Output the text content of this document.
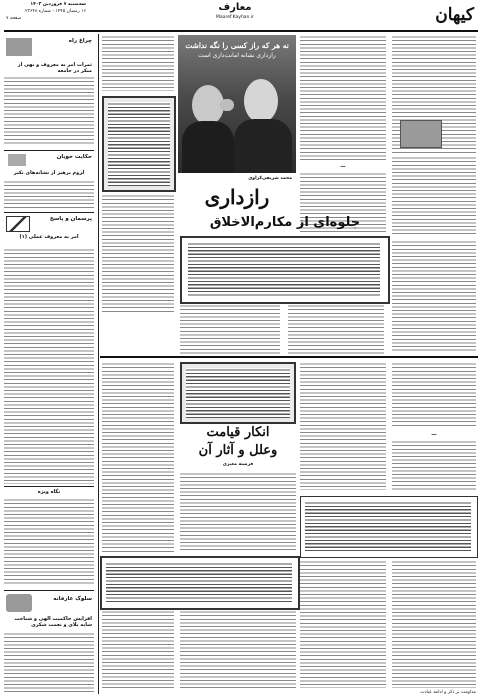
کیهان
معارف
Maaref.Kayhan.ir
سه‌شنبه ۷ فروردین ۱۴۰۳
۱۶ رمضان ۱۴۴۵ - شماره ۲۳۶۴۸
صفحه ۷
—
نه هر که راز کسی را نگه نداشت
رازداری نشانه امانت‌داری است
محمد شریفی‌کراوی
رازداری
جلوه‌ای از مکارم‌الاخلاق
—
انکار قیامت
وعلل و آثار آن
فرشته معیری
چراغ راه
ثمرات امر به معروف و نهی از منکر در جامعه
حکایت خوبان
لزوم پرهیز از نشانه‌های تکبر
پرسمان و پاسخ
امر به معروف عملی (۱)
نگاه ویژه
سلوک عارفانه
افزایش حاکمیت الهی و شناخت سایه بلای و نعمت شکری
مداومت بر ذکر و ادامه عبادت
